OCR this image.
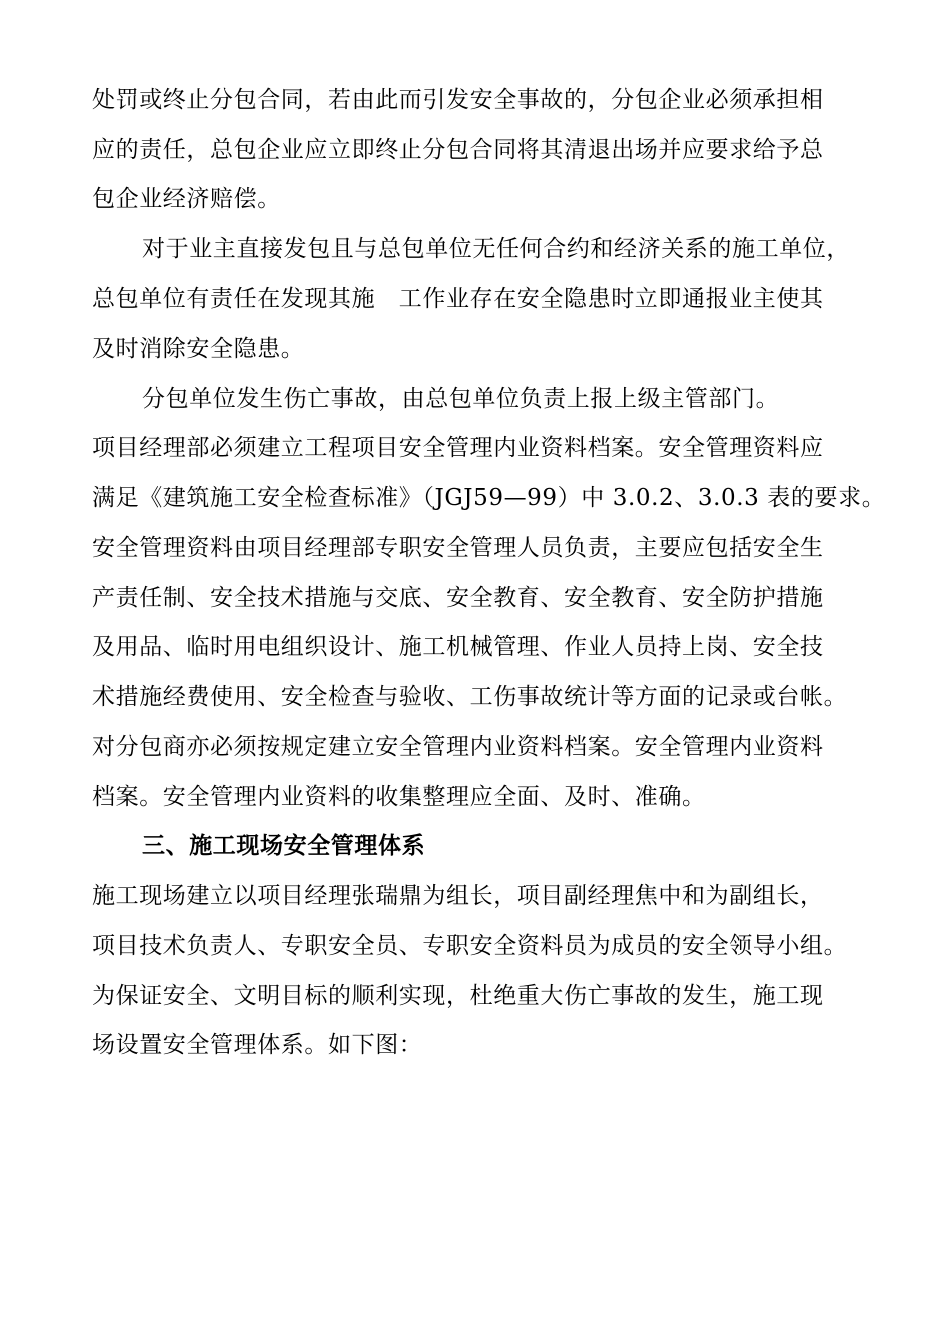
处罚或终止分包合同，若由此而引发安全事故的，分包企业必须承担相
应的责任，总包企业应立即终止分包合同将其清退出场并应要求给予总
包企业经济赔偿。
对于业主直接发包且与总包单位无任何合约和经济关系的施工单位，
总包单位有责任在发现其施　工作业存在安全隐患时立即通报业主使其
及时消除安全隐患。
分包单位发生伤亡事故，由总包单位负责上报上级主管部门。
项目经理部必须建立工程项目安全管理内业资料档案。安全管理资料应
满足《建筑施工安全检查标准》（JGJ59—99）中 3.0.2、3.0.3 表的要求。
安全管理资料由项目经理部专职安全管理人员负责，主要应包括安全生
产责任制、安全技术措施与交底、安全教育、安全教育、安全防护措施
及用品、临时用电组织设计、施工机械管理、作业人员持上岗、安全技
术措施经费使用、安全检查与验收、工伤事故统计等方面的记录或台帐。
对分包商亦必须按规定建立安全管理内业资料档案。安全管理内业资料
档案。安全管理内业资料的收集整理应全面、及时、准确。
三、施工现场安全管理体系
施工现场建立以项目经理张瑞鼎为组长，项目副经理焦中和为副组长，
项目技术负责人、专职安全员、专职安全资料员为成员的安全领导小组。
为保证安全、文明目标的顺利实现，杜绝重大伤亡事故的发生，施工现
场设置安全管理体系。如下图：
